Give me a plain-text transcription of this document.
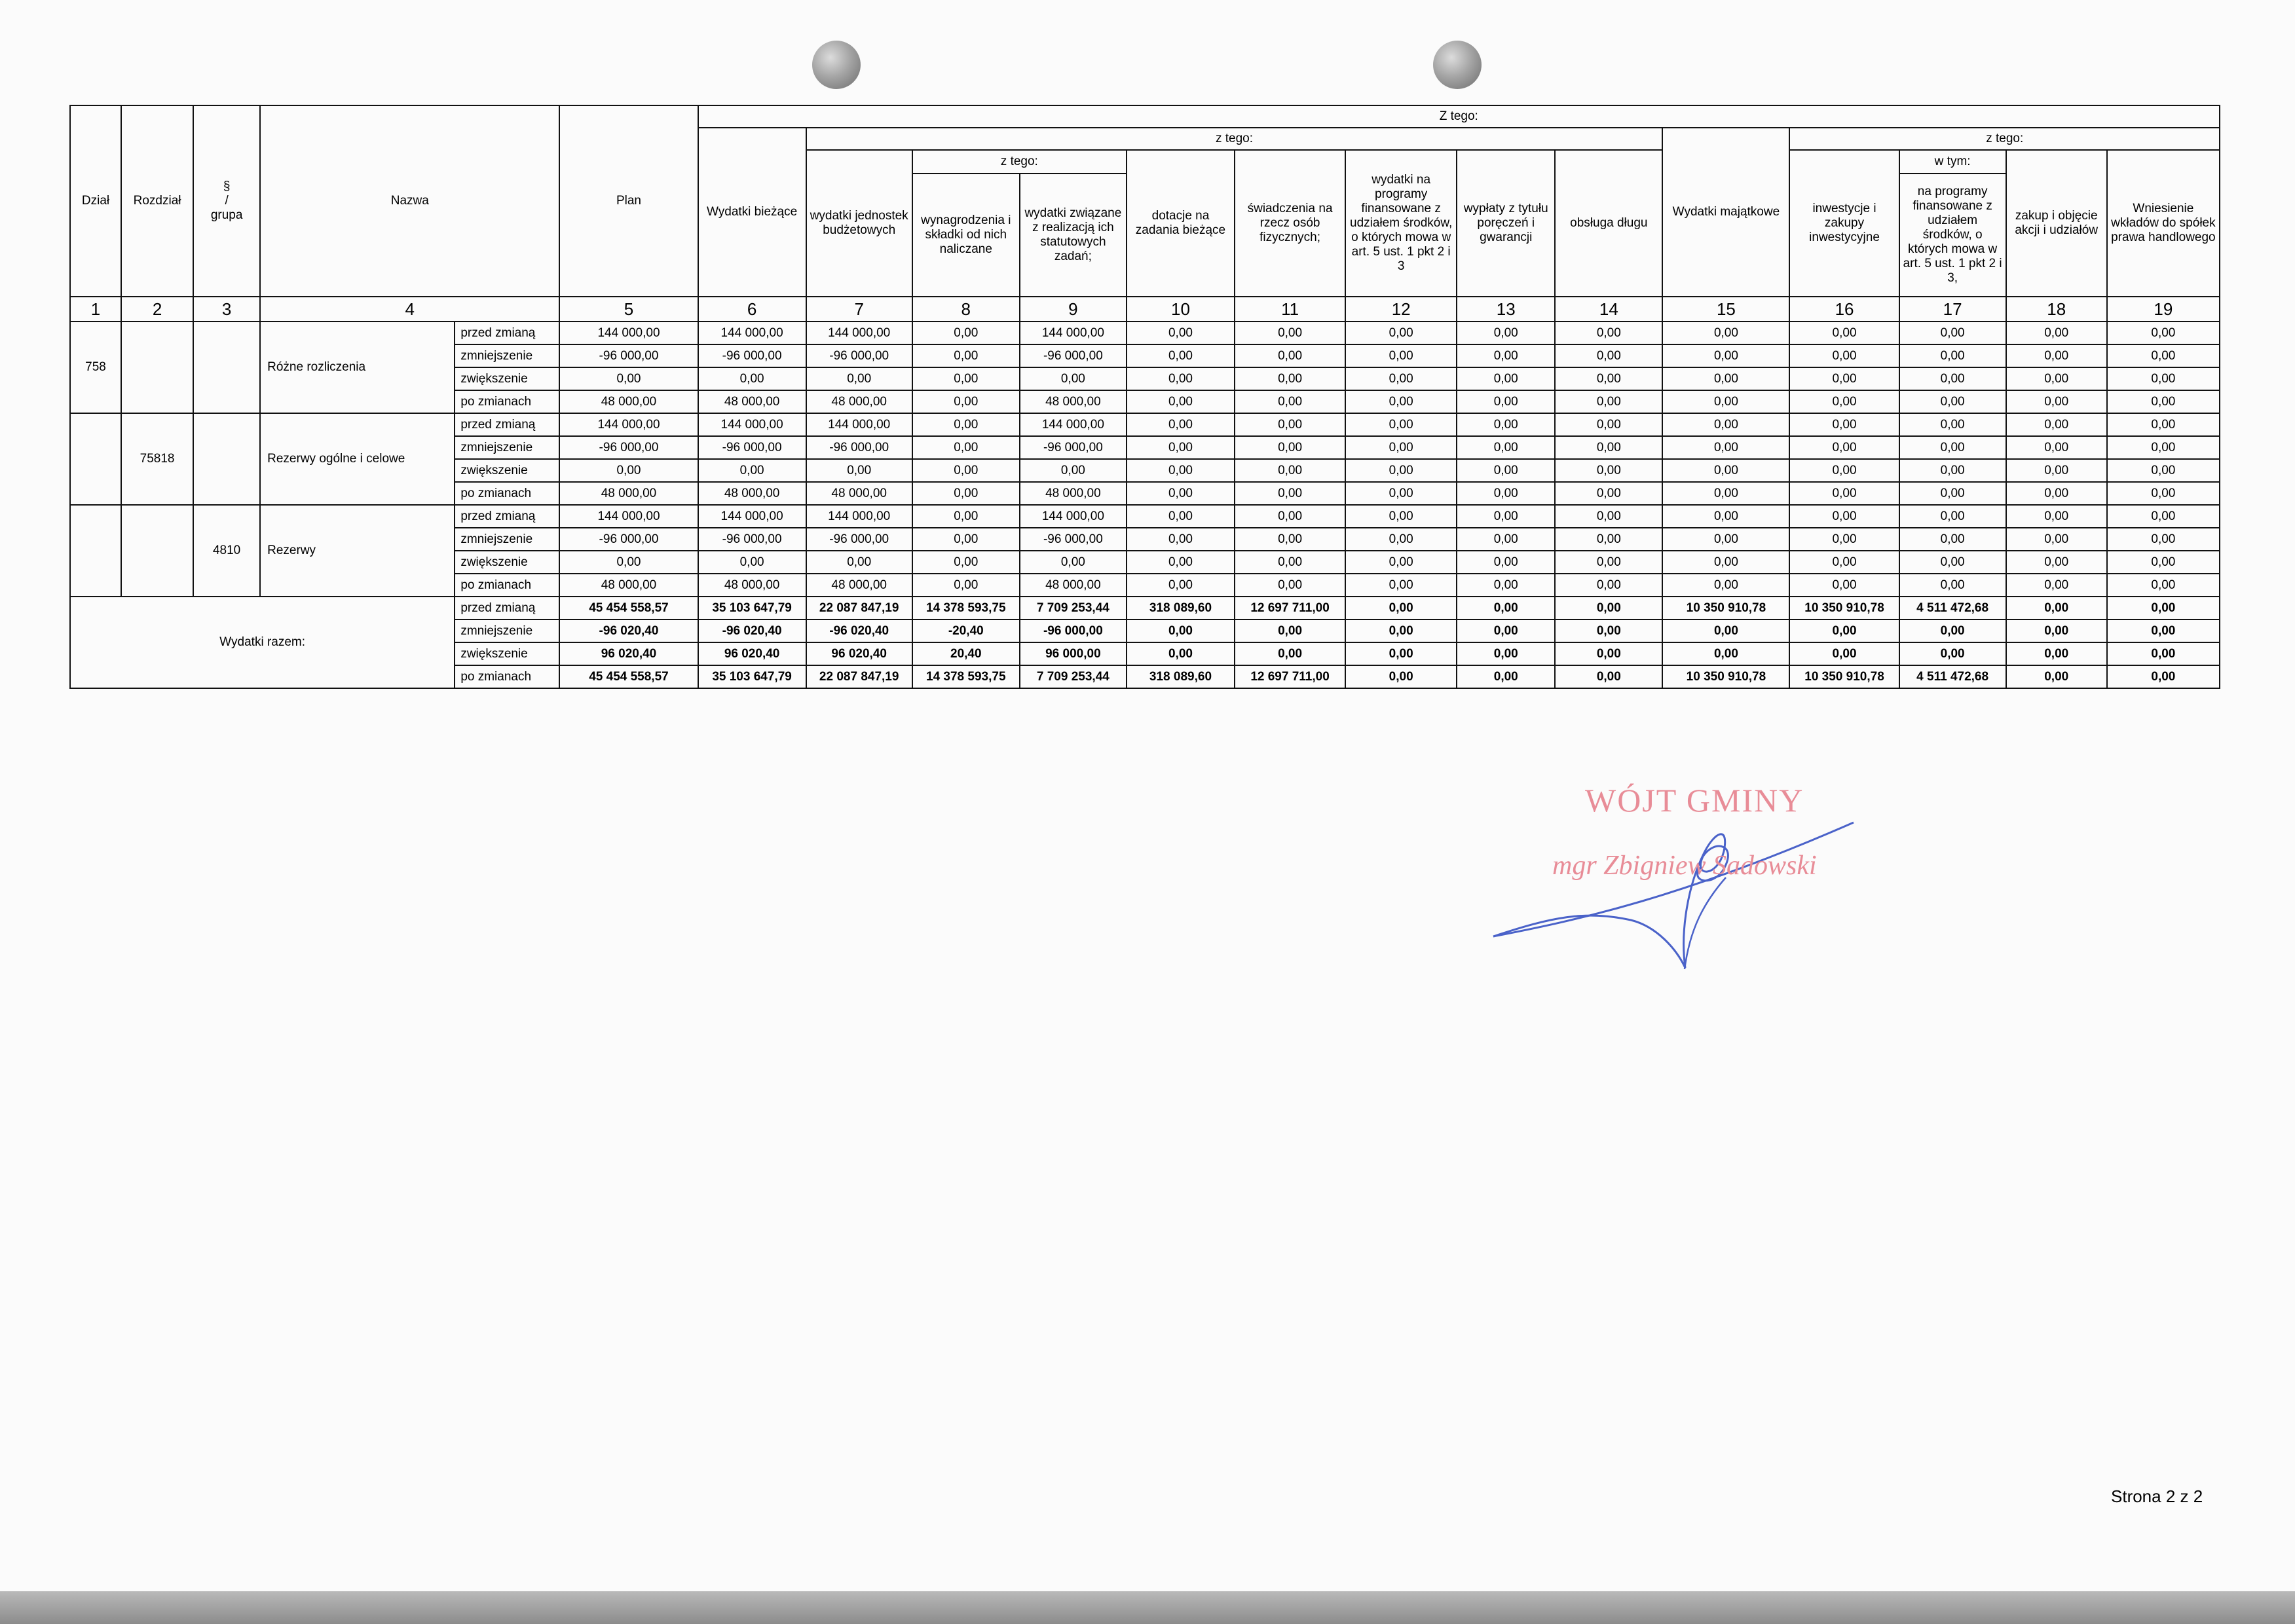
Dział	Rozdział	§
/
grupa	Nazwa		Plan	Z tego:													
						Wydatki bieżące	z tego:								Wydatki majątkowe	z tego:			
							wydatki jednostek budżetowych	z tego:		dotacje na zadania bieżące	świadczenia na rzecz osób fizycznych;	wydatki na programy finansowane z udziałem środków, o których mowa w art. 5 ust. 1 pkt 2 i 3	wypłaty z tytułu poręczeń i gwarancji	obsługa długu		inwestycje i zakupy inwestycyjne	w tym:	zakup i objęcie akcji i udziałów	Wniesienie wkładów do spółek prawa handlowego
								wynagrodzenia i składki od nich naliczane	wydatki związane z realizacją ich statutowych zadań;								na programy finansowane z udziałem środków, o których mowa w art. 5 ust. 1 pkt 2 i 3,		
1	2	3	4		5	6	7	8	9	10	11	12	13	14	15	16	17	18	19
758			Różne rozliczenia	przed zmianą	144 000,00	144 000,00	144 000,00	0,00	144 000,00	0,00	0,00	0,00	0,00	0,00	0,00	0,00	0,00	0,00	0,00
				zmniejszenie	-96 000,00	-96 000,00	-96 000,00	0,00	-96 000,00	0,00	0,00	0,00	0,00	0,00	0,00	0,00	0,00	0,00	0,00
				zwiększenie	0,00	0,00	0,00	0,00	0,00	0,00	0,00	0,00	0,00	0,00	0,00	0,00	0,00	0,00	0,00
				po zmianach	48 000,00	48 000,00	48 000,00	0,00	48 000,00	0,00	0,00	0,00	0,00	0,00	0,00	0,00	0,00	0,00	0,00
	75818		Rezerwy ogólne i celowe	przed zmianą	144 000,00	144 000,00	144 000,00	0,00	144 000,00	0,00	0,00	0,00	0,00	0,00	0,00	0,00	0,00	0,00	0,00
				zmniejszenie	-96 000,00	-96 000,00	-96 000,00	0,00	-96 000,00	0,00	0,00	0,00	0,00	0,00	0,00	0,00	0,00	0,00	0,00
				zwiększenie	0,00	0,00	0,00	0,00	0,00	0,00	0,00	0,00	0,00	0,00	0,00	0,00	0,00	0,00	0,00
				po zmianach	48 000,00	48 000,00	48 000,00	0,00	48 000,00	0,00	0,00	0,00	0,00	0,00	0,00	0,00	0,00	0,00	0,00
		4810	Rezerwy	przed zmianą	144 000,00	144 000,00	144 000,00	0,00	144 000,00	0,00	0,00	0,00	0,00	0,00	0,00	0,00	0,00	0,00	0,00
				zmniejszenie	-96 000,00	-96 000,00	-96 000,00	0,00	-96 000,00	0,00	0,00	0,00	0,00	0,00	0,00	0,00	0,00	0,00	0,00
				zwiększenie	0,00	0,00	0,00	0,00	0,00	0,00	0,00	0,00	0,00	0,00	0,00	0,00	0,00	0,00	0,00
				po zmianach	48 000,00	48 000,00	48 000,00	0,00	48 000,00	0,00	0,00	0,00	0,00	0,00	0,00	0,00	0,00	0,00	0,00
Wydatki razem:				przed zmianą	45 454 558,57	35 103 647,79	22 087 847,19	14 378 593,75	7 709 253,44	318 089,60	12 697 711,00	0,00	0,00	0,00	10 350 910,78	10 350 910,78	4 511 472,68	0,00	0,00
				zmniejszenie	-96 020,40	-96 020,40	-96 020,40	-20,40	-96 000,00	0,00	0,00	0,00	0,00	0,00	0,00	0,00	0,00	0,00	0,00
				zwiększenie	96 020,40	96 020,40	96 020,40	20,40	96 000,00	0,00	0,00	0,00	0,00	0,00	0,00	0,00	0,00	0,00	0,00
				po zmianach	45 454 558,57	35 103 647,79	22 087 847,19	14 378 593,75	7 709 253,44	318 089,60	12 697 711,00	0,00	0,00	0,00	10 350 910,78	10 350 910,78	4 511 472,68	0,00	0,00
WÓJT GMINY
mgr Zbigniew Sadowski
Strona 2 z 2
